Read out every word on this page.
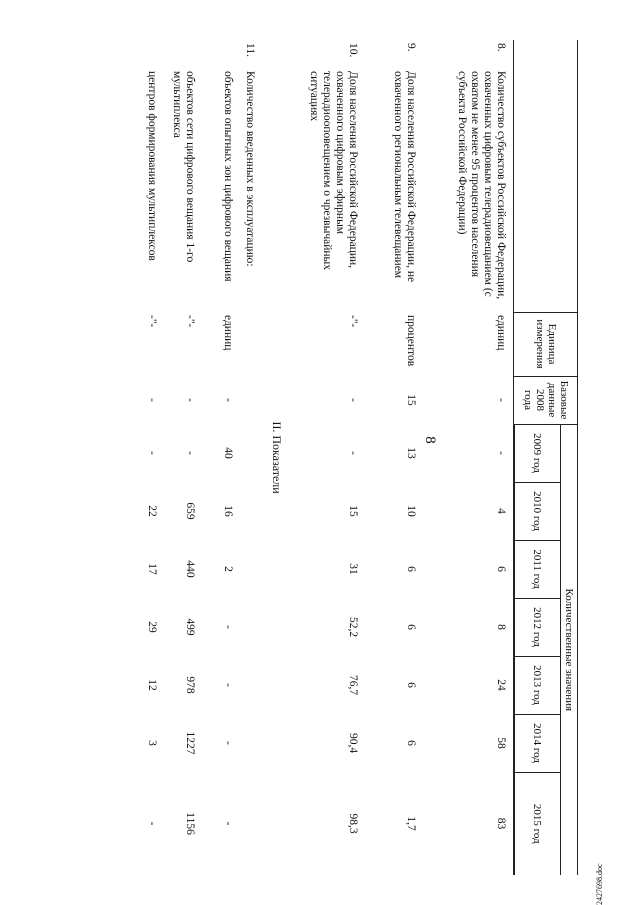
8
		Единица измерения	Базовые данные 2008 года	Количественные значения						
				2009 год	2010 год	2011 год	2012 год	2013 год	2014 год	2015 год

8.	Количество субъектов Российской Федерации, охваченных цифровым телерадиовещанием (с охватом не менее 95 процентов населения субъекта Российской Федерации)	единиц	-	-	4	6	8	24	58	83
9.	Доля населения Российской Федерации, не охваченного региональным телевещанием	процентов	15	13	10	6	6	6	6	1,7
10.	Доля населения Российской Федерации, охваченного цифровым эфирным телерадиооповещением о чрезвычайных ситуациях	-"-	-	-	15	31	52,2	76,7	90,4	98,3
II. Показатели										
11.	Количество введенных в эксплуатацию:									
	объектов опытных зон цифрового вещания	единиц	-	40	16	2	-	-	-	-
	объектов сети цифрового вещания 1-го мультиплекса	-"-	-	-	659	440	499	978	1227	1156
	центров формирования мультиплексов	-"-	-	-	22	17	29	12	3	-
2427698.doc
